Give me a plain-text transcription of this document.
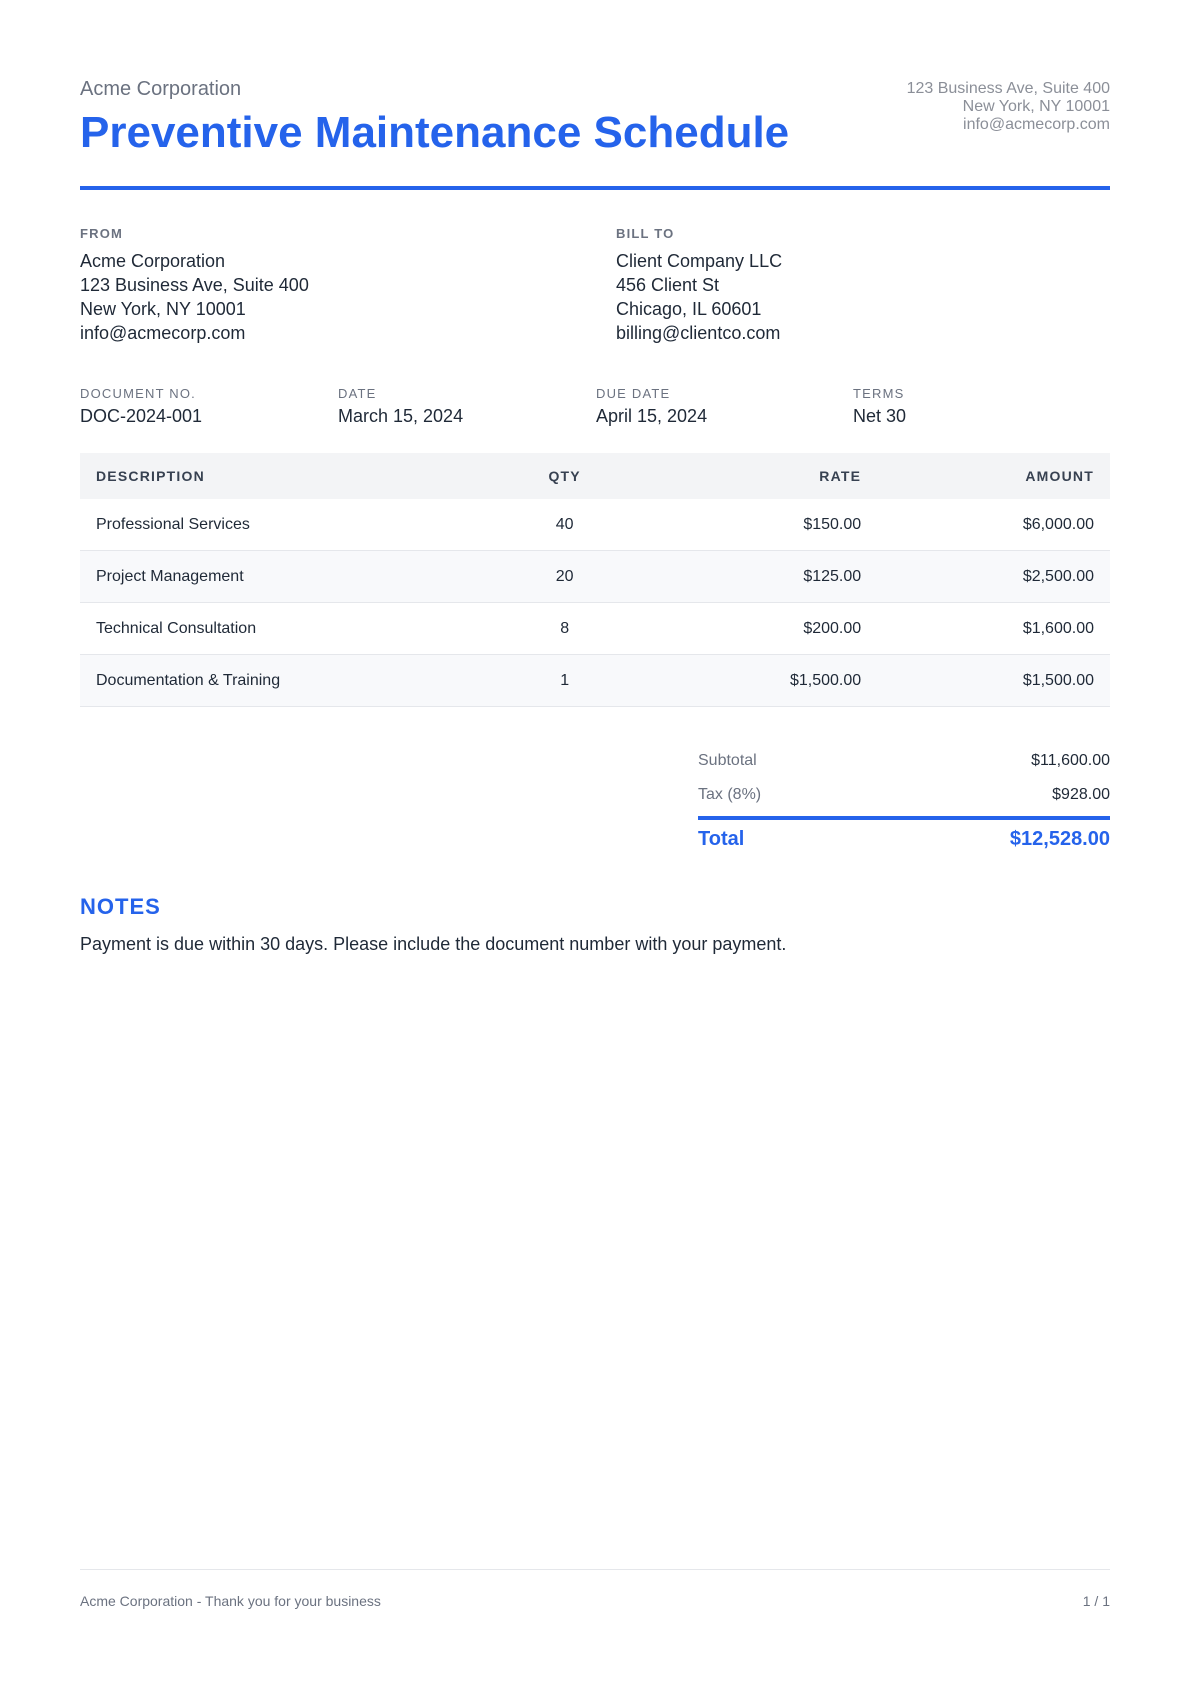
Acme Corporation
Preventive Maintenance Schedule
123 Business Ave, Suite 400
New York, NY 10001
info@acmecorp.com
FROM
Acme Corporation
123 Business Ave, Suite 400
New York, NY 10001
info@acmecorp.com
BILL TO
Client Company LLC
456 Client St
Chicago, IL 60601
billing@clientco.com
DOCUMENT NO.
DOC-2024-001
DATE
March 15, 2024
DUE DATE
April 15, 2024
TERMS
Net 30
DESCRIPTION	QTY	RATE	AMOUNT
Professional Services	40	$150.00	$6,000.00
Project Management	20	$125.00	$2,500.00
Technical Consultation	8	$200.00	$1,600.00
Documentation & Training	1	$1,500.00	$1,500.00
Subtotal	$11,600.00
Tax (8%)	$928.00
Total	$12,528.00
NOTES
Payment is due within 30 days. Please include the document number with your payment.
Acme Corporation - Thank you for your business	1 / 1
